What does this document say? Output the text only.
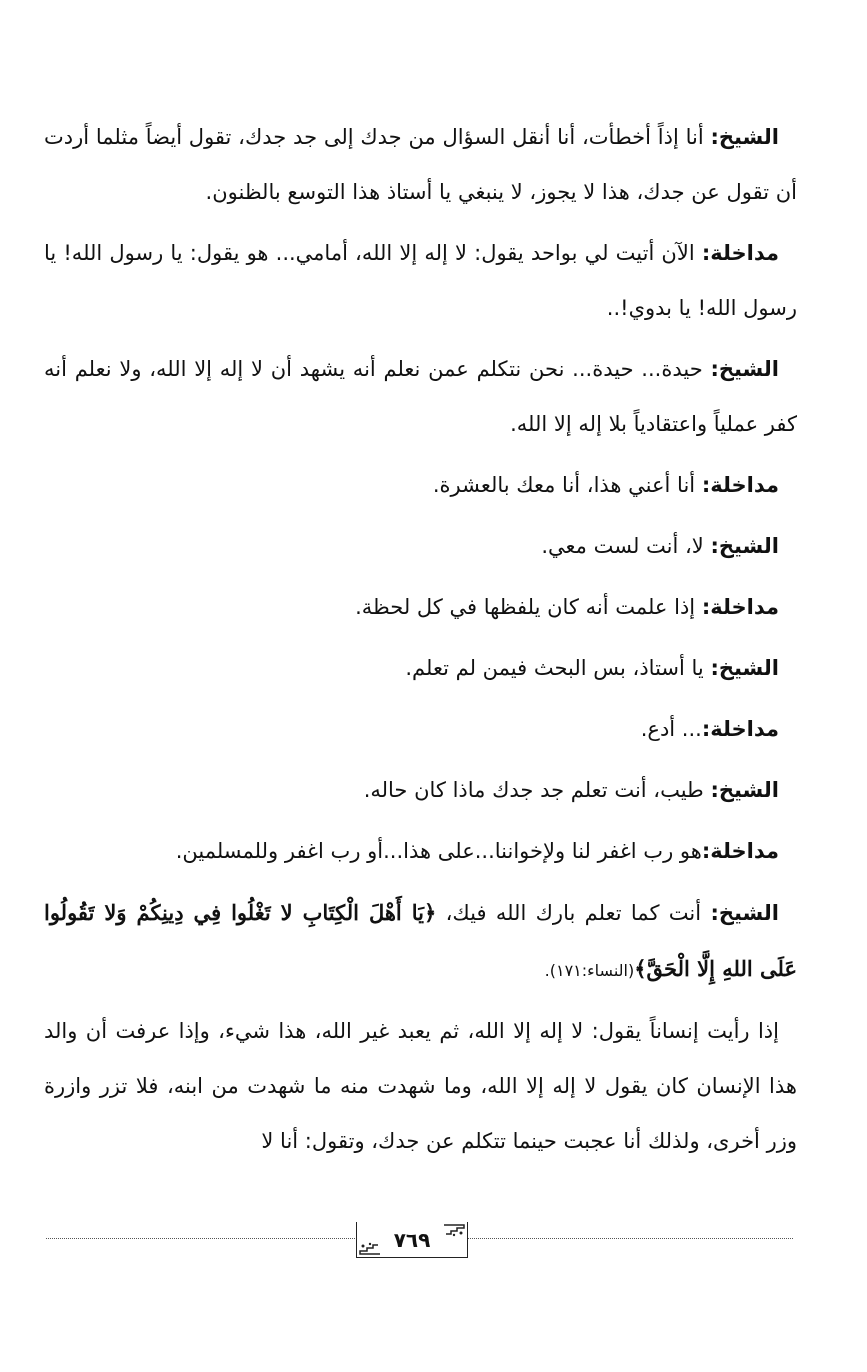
الشيخ: أنا إذاً أخطأت، أنا أنقل السؤال من جدك إلى جد جدك، تقول أيضاً مثلما أردت أن تقول عن جدك، هذا لا يجوز، لا ينبغي يا أستاذ هذا التوسع بالظنون.

مداخلة: الآن أتيت لي بواحد يقول: لا إله إلا الله، أمامي... هو يقول: يا رسول الله! يا رسول الله! يا بدوي!..

الشيخ: حيدة... حيدة... نحن نتكلم عمن نعلم أنه يشهد أن لا إله إلا الله، ولا نعلم أنه كفر عملياً واعتقادياً بلا إله إلا الله.

مداخلة: أنا أعني هذا، أنا معك بالعشرة.

الشيخ: لا، أنت لست معي.

مداخلة: إذا علمت أنه كان يلفظها في كل لحظة.

الشيخ: يا أستاذ، بس البحث فيمن لم تعلم.

مداخلة:... أدع.

الشيخ: طيب، أنت تعلم جد جدك ماذا كان حاله.

مداخلة:هو رب اغفر لنا ولإخواننا...على هذا...أو رب اغفر وللمسلمين.

الشيخ: أنت كما تعلم بارك الله فيك، ﴿يَا أَهْلَ الْكِتَابِ لا تَغْلُوا فِي دِينِكُمْ وَلا تَقُولُوا عَلَى اللهِ إِلَّا الْحَقَّ﴾(النساء:١٧١).

إذا رأيت إنساناً يقول: لا إله إلا الله، ثم يعبد غير الله، هذا شيء، وإذا عرفت أن والد هذا الإنسان كان يقول لا إله إلا الله، وما شهدت منه ما شهدت من ابنه، فلا تزر وازرة وزر أخرى، ولذلك أنا عجبت حينما تتكلم عن جدك، وتقول: أنا لا

٧٦٩
